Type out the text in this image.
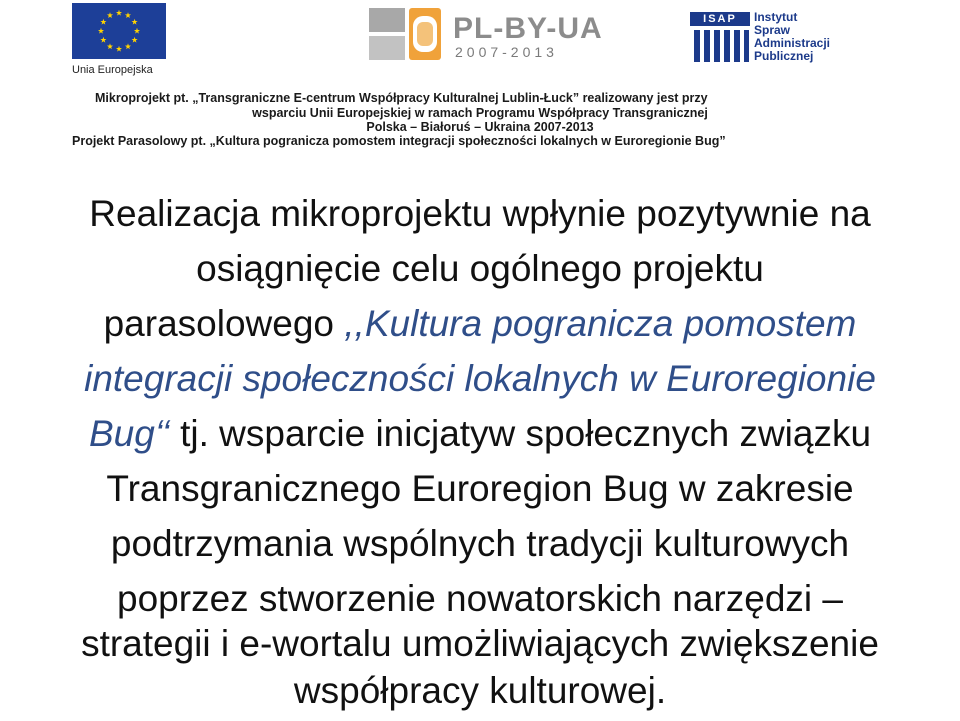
Unia Europejska
PL-BY-UA
2007-2013
ISAP	Instytut
Spraw
Administracji
Publicznej
Mikroprojekt pt. „Transgraniczne E-centrum Współpracy Kulturalnej Lublin-Łuck” realizowany jest przy
wsparciu Unii Europejskiej w ramach Programu Współpracy Transgranicznej
Polska – Białoruś – Ukraina 2007-2013
Projekt Parasolowy pt. „Kultura pogranicza pomostem integracji społeczności lokalnych w Euroregionie Bug”
Realizacja mikroprojektu wpłynie pozytywnie na
osiągnięcie celu ogólnego projektu
parasolowego ,,Kultura pogranicza pomostem
integracji społeczności lokalnych w Euroregionie
Bug‘‘ tj. wsparcie inicjatyw społecznych związku
Transgranicznego Euroregion Bug w zakresie
podtrzymania wspólnych tradycji kulturowych
poprzez stworzenie nowatorskich narzędzi –
strategii i e-wortalu umożliwiających zwiększenie
współpracy kulturowej.
